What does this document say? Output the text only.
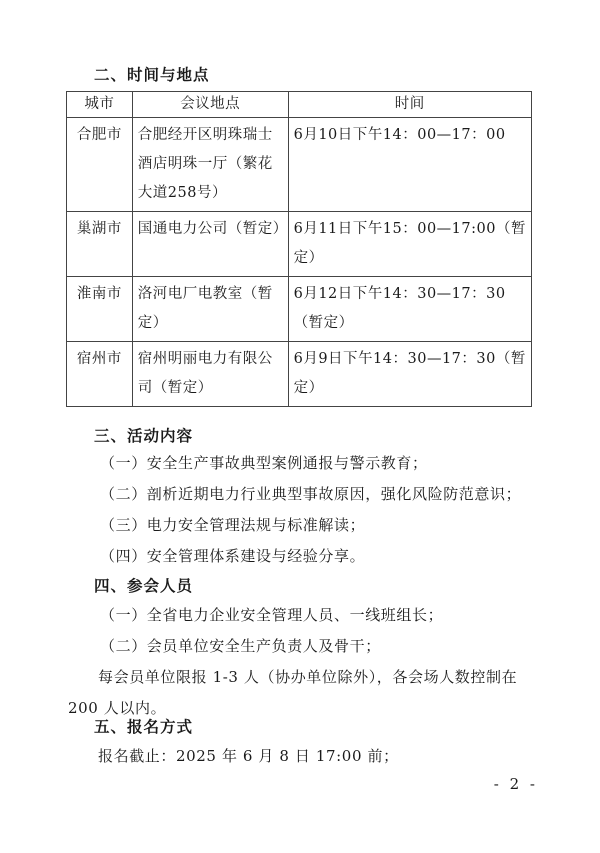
二、时间与地点
城市	会议地点	时间
合肥市	合肥经开区明珠瑞士酒店明珠一厅（繁花大道258号）	6月10日下午14：00—17：00
巢湖市	国通电力公司（暂定）	6月11日下午15：00—17:00（暂定）
淮南市	洛河电厂电教室（暂定）	6月12日下午14：30—17：30（暂定）
宿州市	宿州明丽电力有限公司（暂定）	6月9日下午14：30—17：30（暂定）
三、活动内容
（一）安全生产事故典型案例通报与警示教育；
（二）剖析近期电力行业典型事故原因，强化风险防范意识；
（三）电力安全管理法规与标准解读；
（四）安全管理体系建设与经验分享。
四、参会人员
（一）全省电力企业安全管理人员、一线班组长；
（二）会员单位安全生产负责人及骨干；
每会员单位限报 1-3 人（协办单位除外），各会场人数控制在
200 人以内。
五、报名方式
报名截止：2025 年 6 月 8 日 17:00 前；
- 2 -
